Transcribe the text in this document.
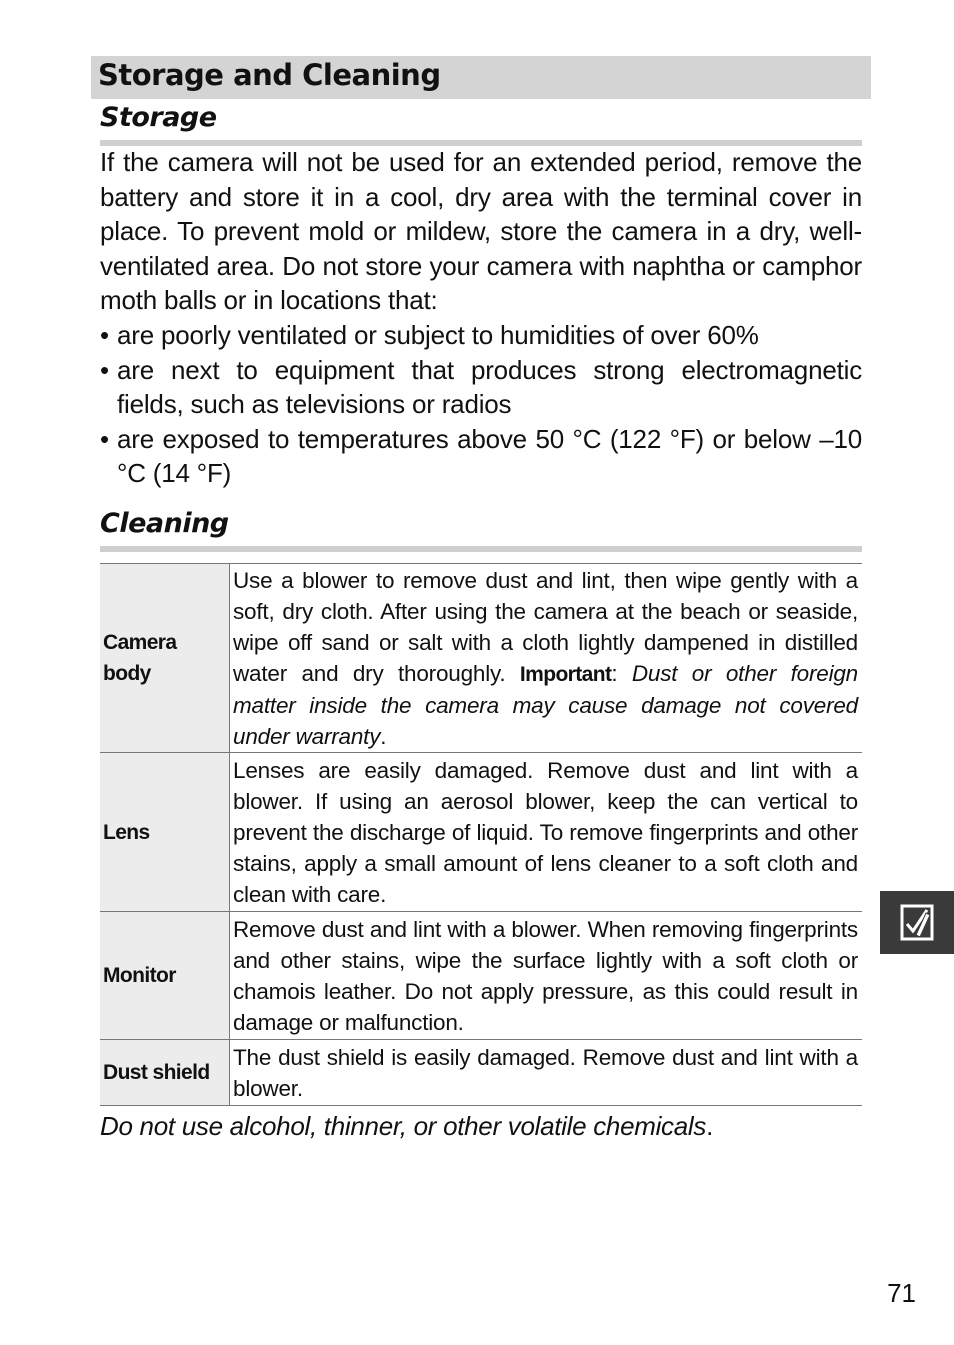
Storage and Cleaning
Storage

If the camera will not be used for an extended period, remove the battery and store it in a cool, dry area with the terminal cover in place. To prevent mold or mildew, store the camera in a dry, well-ventilated area. Do not store your camera with naphtha or camphor moth balls or in locations that:

• are poorly ventilated or subject to humidities of over 60%
• are next to equipment that produces strong electromagnetic fields, such as televisions or radios
• are exposed to temperatures above 50 °C (122 °F) or below –10 °C (14 °F)
Cleaning
Camera body	Use a blower to remove dust and lint, then wipe gently with a soft, dry cloth. After using the camera at the beach or seaside, wipe off sand or salt with a cloth lightly dampened in distilled water and dry thoroughly. Important: Dust or other foreign matter inside the camera may cause damage not covered under warranty.
Lens	Lenses are easily damaged. Remove dust and lint with a blower. If using an aerosol blower, keep the can vertical to prevent the discharge of liquid. To remove fingerprints and other stains, apply a small amount of lens cleaner to a soft cloth and clean with care.
Monitor	Remove dust and lint with a blower. When removing fingerprints and other stains, wipe the surface lightly with a soft cloth or chamois leather. Do not apply pressure, as this could result in damage or malfunction.
Dust shield	The dust shield is easily damaged. Remove dust and lint with a blower.

Do not use alcohol, thinner, or other volatile chemicals.

71
